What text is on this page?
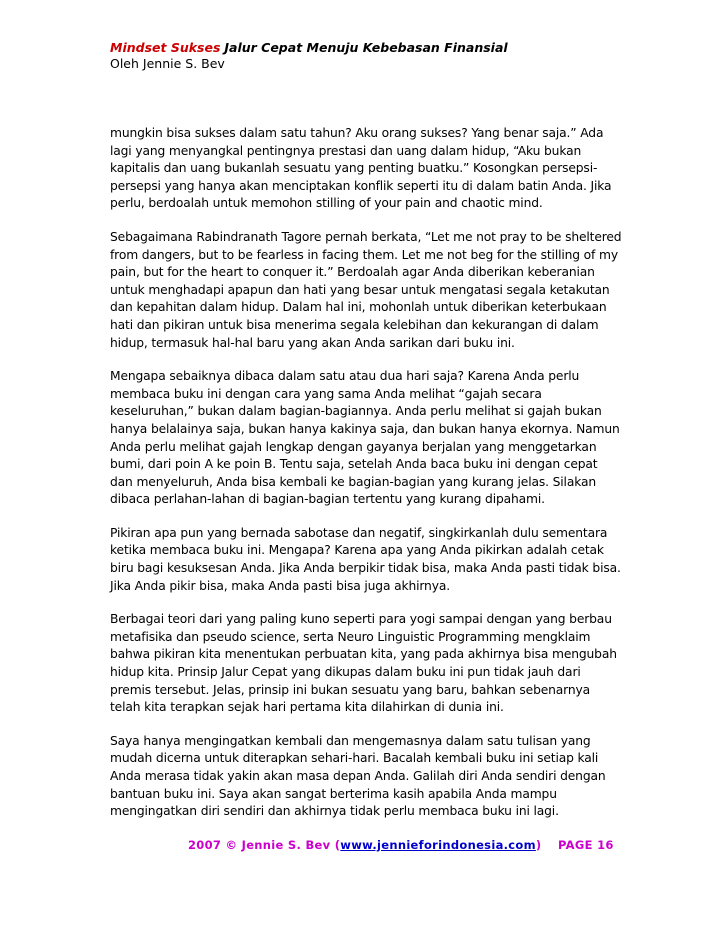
Mindset Sukses Jalur Cepat Menuju Kebebasan Finansial
Oleh Jennie S. Bev

mungkin bisa sukses dalam satu tahun? Aku orang sukses? Yang benar saja.” Ada lagi yang menyangkal pentingnya prestasi dan uang dalam hidup, “Aku bukan kapitalis dan uang bukanlah sesuatu yang penting buatku.” Kosongkan persepsi-persepsi yang hanya akan menciptakan konflik seperti itu di dalam batin Anda. Jika perlu, berdoalah untuk memohon stilling of your pain and chaotic mind.

Sebagaimana Rabindranath Tagore pernah berkata, “Let me not pray to be sheltered from dangers, but to be fearless in facing them. Let me not beg for the stilling of my pain, but for the heart to conquer it.” Berdoalah agar Anda diberikan keberanian untuk menghadapi apapun dan hati yang besar untuk mengatasi segala ketakutan dan kepahitan dalam hidup. Dalam hal ini, mohonlah untuk diberikan keterbukaan hati dan pikiran untuk bisa menerima segala kelebihan dan kekurangan di dalam hidup, termasuk hal-hal baru yang akan Anda sarikan dari buku ini.

Mengapa sebaiknya dibaca dalam satu atau dua hari saja? Karena Anda perlu membaca buku ini dengan cara yang sama Anda melihat “gajah secara keseluruhan,” bukan dalam bagian-bagiannya. Anda perlu melihat si gajah bukan hanya belalainya saja, bukan hanya kakinya saja, dan bukan hanya ekornya. Namun Anda perlu melihat gajah lengkap dengan gayanya berjalan yang menggetarkan bumi, dari poin A ke poin B. Tentu saja, setelah Anda baca buku ini dengan cepat dan menyeluruh, Anda bisa kembali ke bagian-bagian yang kurang jelas. Silakan dibaca perlahan-lahan di bagian-bagian tertentu yang kurang dipahami.

Pikiran apa pun yang bernada sabotase dan negatif, singkirkanlah dulu sementara ketika membaca buku ini. Mengapa? Karena apa yang Anda pikirkan adalah cetak biru bagi kesuksesan Anda. Jika Anda berpikir tidak bisa, maka Anda pasti tidak bisa. Jika Anda pikir bisa, maka Anda pasti bisa juga akhirnya.

Berbagai teori dari yang paling kuno seperti para yogi sampai dengan yang berbau metafisika dan pseudo science, serta Neuro Linguistic Programming mengklaim bahwa pikiran kita menentukan perbuatan kita, yang pada akhirnya bisa mengubah hidup kita. Prinsip Jalur Cepat yang dikupas dalam buku ini pun tidak jauh dari premis tersebut. Jelas, prinsip ini bukan sesuatu yang baru, bahkan sebenarnya telah kita terapkan sejak hari pertama kita dilahirkan di dunia ini.

Saya hanya mengingatkan kembali dan mengemasnya dalam satu tulisan yang mudah dicerna untuk diterapkan sehari-hari. Bacalah kembali buku ini setiap kali Anda merasa tidak yakin akan masa depan Anda. Galilah diri Anda sendiri dengan bantuan buku ini. Saya akan sangat berterima kasih apabila Anda mampu mengingatkan diri sendiri dan akhirnya tidak perlu membaca buku ini lagi.

2007 © Jennie S. Bev (www.jennieforindonesia.com) PAGE 16
